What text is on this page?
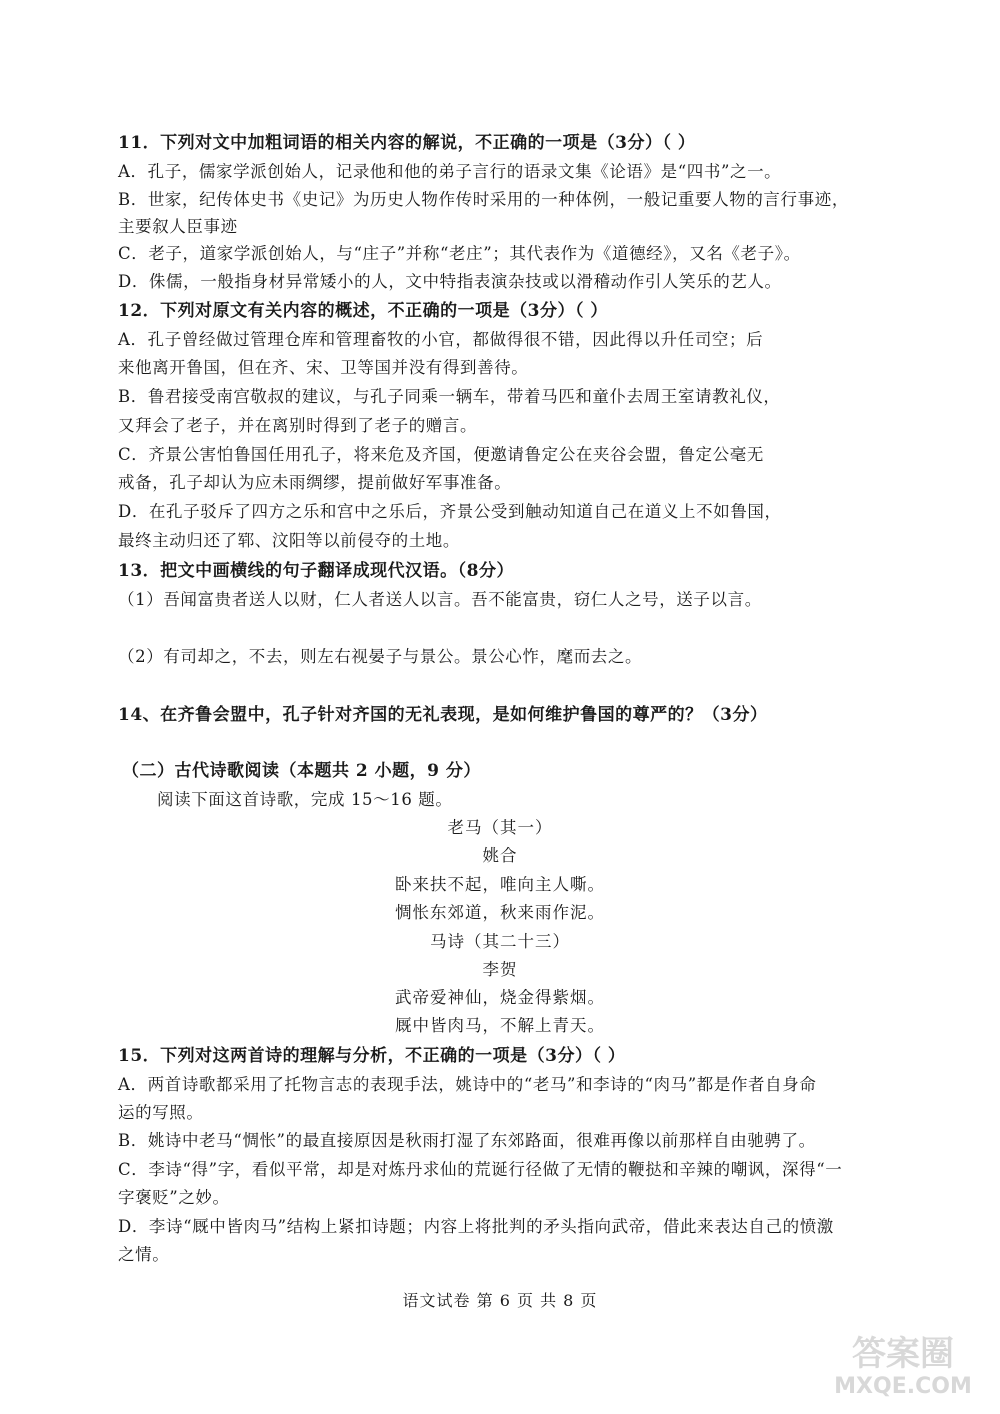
11．下列对文中加粗词语的相关内容的解说，不正确的一项是（3分）（ ）
A．孔子，儒家学派创始人，记录他和他的弟子言行的语录文集《论语》是“四书”之一。
B．世家，纪传体史书《史记》为历史人物作传时采用的一种体例，一般记重要人物的言行事迹，
主要叙人臣事迹
C．老子，道家学派创始人，与“庄子”并称“老庄”；其代表作为《道德经》，又名《老子》。
D．侏儒，一般指身材异常矮小的人，文中特指表演杂技或以滑稽动作引人笑乐的艺人。
12．下列对原文有关内容的概述，不正确的一项是（3分）（ ）
A．孔子曾经做过管理仓库和管理畜牧的小官，都做得很不错，因此得以升任司空；后
来他离开鲁国，但在齐、宋、卫等国并没有得到善待。
B．鲁君接受南宫敬叔的建议，与孔子同乘一辆车，带着马匹和童仆去周王室请教礼仪，
又拜会了老子，并在离别时得到了老子的赠言。
C．齐景公害怕鲁国任用孔子，将来危及齐国，便邀请鲁定公在夹谷会盟，鲁定公毫无
戒备，孔子却认为应未雨绸缪，提前做好军事准备。
D．在孔子驳斥了四方之乐和宫中之乐后，齐景公受到触动知道自己在道义上不如鲁国，
最终主动归还了郓、汶阳等以前侵夺的土地。
13．把文中画横线的句子翻译成现代汉语。（8分）
（1）吾闻富贵者送人以财，仁人者送人以言。吾不能富贵，窃仁人之号，送子以言。
（2）有司却之，不去，则左右视晏子与景公。景公心怍，麾而去之。
14、在齐鲁会盟中，孔子针对齐国的无礼表现，是如何维护鲁国的尊严的？（3分）
（二）古代诗歌阅读（本题共 2 小题，9 分）
阅读下面这首诗歌，完成 15～16 题。
老马（其一）
姚合
卧来扶不起，唯向主人嘶。
惆怅东郊道，秋来雨作泥。
马诗（其二十三）
李贺
武帝爱神仙，烧金得紫烟。
厩中皆肉马，不解上青天。
15．下列对这两首诗的理解与分析，不正确的一项是（3分）（ ）
A．两首诗歌都采用了托物言志的表现手法，姚诗中的“老马”和李诗的“肉马”都是作者自身命
运的写照。
B．姚诗中老马“惆怅”的最直接原因是秋雨打湿了东郊路面，很难再像以前那样自由驰骋了。
C．李诗“得”字，看似平常，却是对炼丹求仙的荒诞行径做了无情的鞭挞和辛辣的嘲讽，深得“一
字褒贬”之妙。
D．李诗“厩中皆肉马”结构上紧扣诗题；内容上将批判的矛头指向武帝，借此来表达自己的愤激
之情。
语文试卷 第 6 页 共 8 页
答案圈
MXQE.COM
